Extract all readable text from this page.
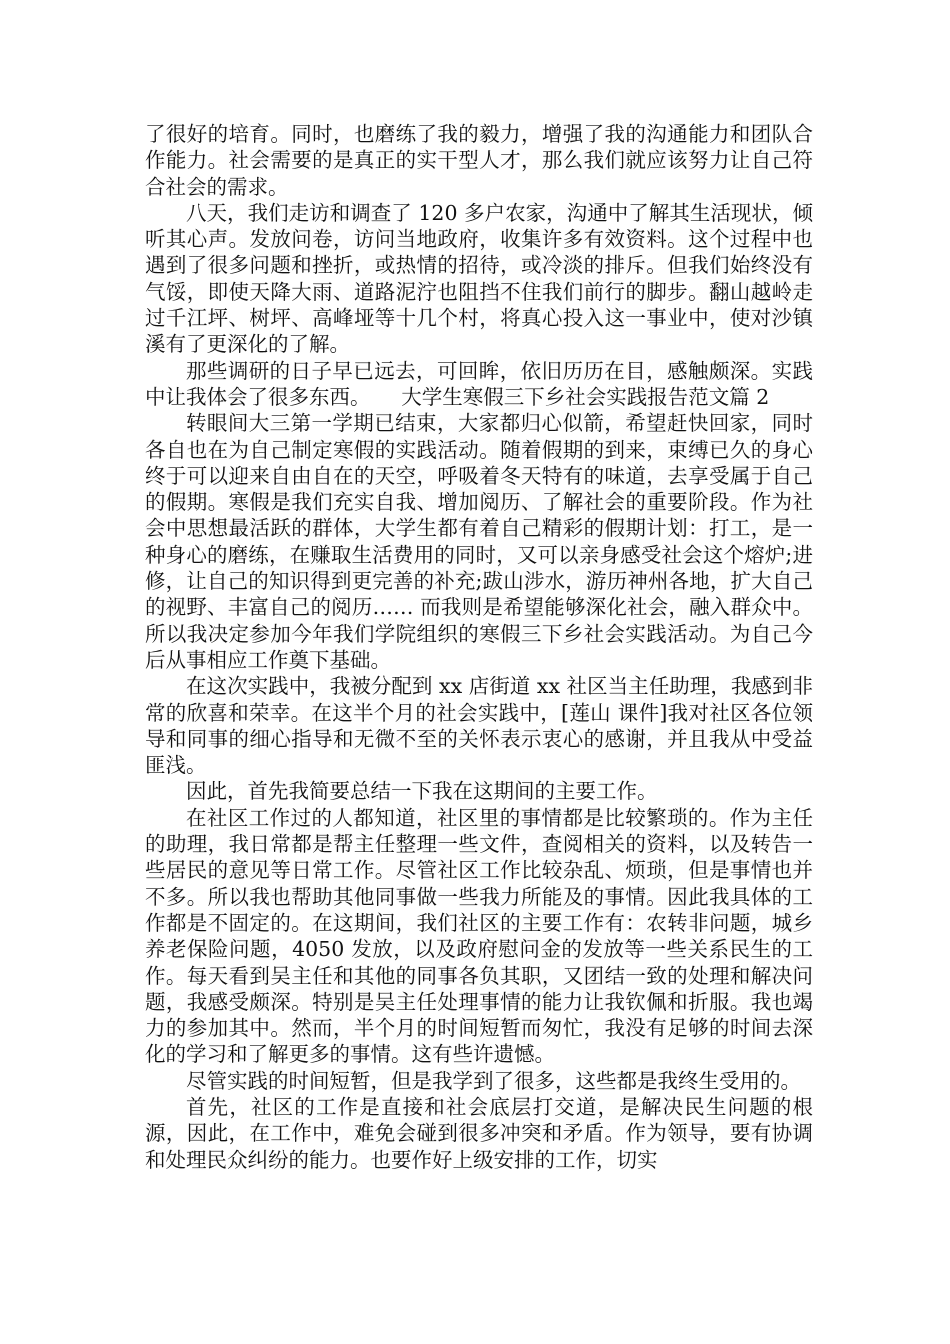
了很好的培育。同时，也磨练了我的毅力，增强了我的沟通能力和团队合作能力。社会需要的是真正的实干型人才，那么我们就应该努力让自己符合社会的需求。

八天，我们走访和调查了 120 多户农家，沟通中了解其生活现状，倾听其心声。发放问卷，访问当地政府，收集许多有效资料。这个过程中也遇到了很多问题和挫折，或热情的招待，或冷淡的排斥。但我们始终没有气馁，即使天降大雨、道路泥泞也阻挡不住我们前行的脚步。翻山越岭走过千江坪、树坪、高峰垭等十几个村，将真心投入这一事业中，使对沙镇溪有了更深化的了解。

那些调研的日子早已远去，可回眸，依旧历历在目，感触颇深。实践中让我体会了很多东西。　　大学生寒假三下乡社会实践报告范文篇 2

转眼间大三第一学期已结束，大家都归心似箭，希望赶快回家，同时各自也在为自己制定寒假的实践活动。随着假期的到来，束缚已久的身心终于可以迎来自由自在的天空，呼吸着冬天特有的味道，去享受属于自己的假期。寒假是我们充实自我、增加阅历、了解社会的重要阶段。作为社会中思想最活跃的群体，大学生都有着自己精彩的假期计划：打工，是一种身心的磨练，在赚取生活费用的同时，又可以亲身感受社会这个熔炉;进修，让自己的知识得到更完善的补充;跋山涉水，游历神州各地，扩大自己的视野、丰富自己的阅历…… 而我则是希望能够深化社会，融入群众中。所以我决定参加今年我们学院组织的寒假三下乡社会实践活动。为自己今后从事相应工作奠下基础。

在这次实践中，我被分配到 xx 店街道 xx 社区当主任助理，我感到非常的欣喜和荣幸。在这半个月的社会实践中，[莲山 课件]我对社区各位领导和同事的细心指导和无微不至的关怀表示衷心的感谢，并且我从中受益匪浅。

因此，首先我简要总结一下我在这期间的主要工作。

在社区工作过的人都知道，社区里的事情都是比较繁琐的。作为主任的助理，我日常都是帮主任整理一些文件，查阅相关的资料，以及转告一些居民的意见等日常工作。尽管社区工作比较杂乱、烦琐，但是事情也并不多。所以我也帮助其他同事做一些我力所能及的事情。因此我具体的工作都是不固定的。在这期间，我们社区的主要工作有：农转非问题，城乡养老保险问题，4050 发放，以及政府慰问金的发放等一些关系民生的工作。每天看到吴主任和其他的同事各负其职，又团结一致的处理和解决问题，我感受颇深。特别是吴主任处理事情的能力让我钦佩和折服。我也竭力的参加其中。然而，半个月的时间短暂而匆忙，我没有足够的时间去深化的学习和了解更多的事情。这有些许遗憾。

尽管实践的时间短暂，但是我学到了很多，这些都是我终生受用的。

首先，社区的工作是直接和社会底层打交道，是解决民生问题的根源，因此，在工作中，难免会碰到很多冲突和矛盾。作为领导，要有协调和处理民众纠纷的能力。也要作好上级安排的工作，切实
